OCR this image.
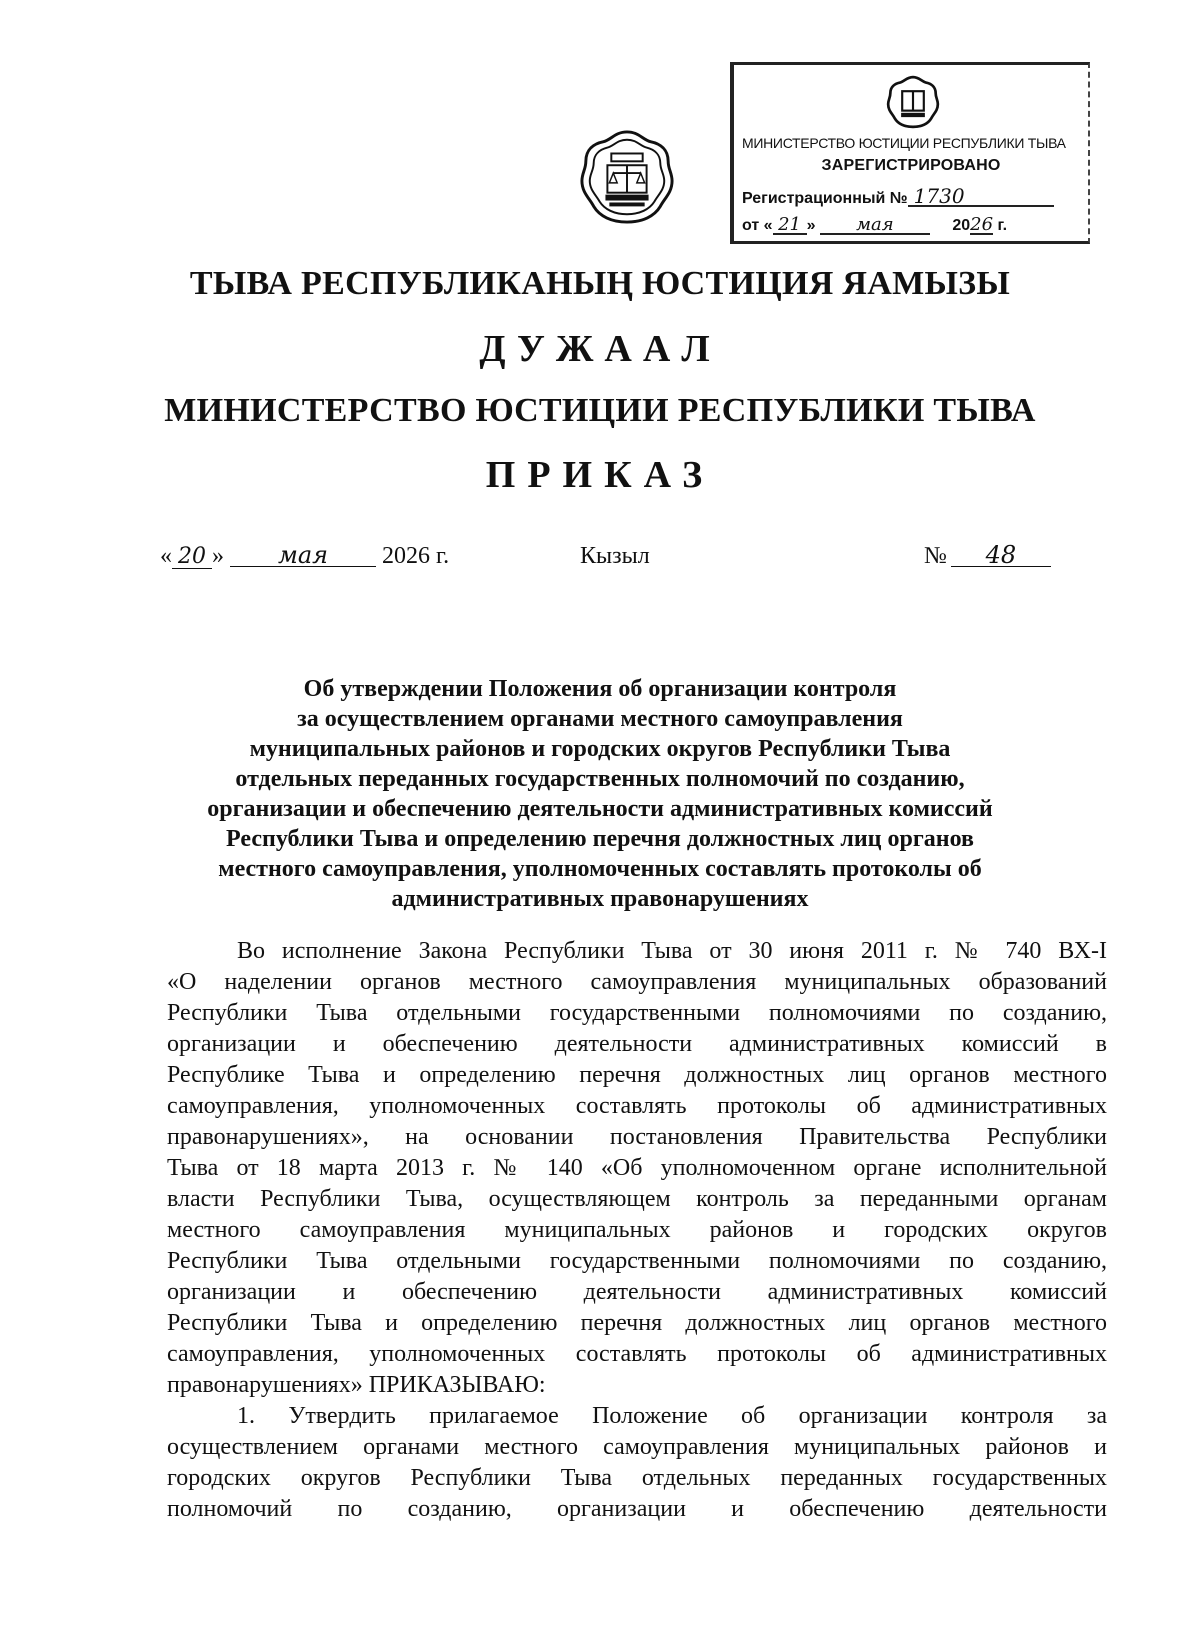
МИНИСТЕРСТВО ЮСТИЦИИ РЕСПУБЛИКИ ТЫВА
ЗАРЕГИСТРИРОВАНО
Регистрационный № 1730
от « 21 » мая	2026 г.
ТЫВА РЕСПУБЛИКАНЫҢ ЮСТИЦИЯ ЯАМЫЗЫ
ДУЖААЛ
МИНИСТЕРСТВО ЮСТИЦИИ РЕСПУБЛИКИ ТЫВА
ПРИКАЗ
« 20 » мая 2026 г.	Кызыл	№ 48
Об утверждении Положения об организации контроля
за осуществлением органами местного самоуправления
муниципальных районов и городских округов Республики Тыва
отдельных переданных государственных полномочий по созданию,
организации и обеспечению деятельности административных комиссий
Республики Тыва и определению перечня должностных лиц органов
местного самоуправления, уполномоченных составлять протоколы об
административных правонарушениях
Во исполнение Закона Республики Тыва от 30 июня 2011 г. № 740 ВХ-I
«О наделении органов местного самоуправления муниципальных образований
Республики Тыва отдельными государственными полномочиями по созданию,
организации и обеспечению деятельности административных комиссий в
Республике Тыва и определению перечня должностных лиц органов местного
самоуправления, уполномоченных составлять протоколы об административных
правонарушениях», на основании постановления Правительства Республики
Тыва от 18 марта 2013 г. № 140 «Об уполномоченном органе исполнительной
власти Республики Тыва, осуществляющем контроль за переданными органам
местного самоуправления муниципальных районов и городских округов
Республики Тыва отдельными государственными полномочиями по созданию,
организации и обеспечению деятельности административных комиссий
Республики Тыва и определению перечня должностных лиц органов местного
самоуправления, уполномоченных составлять протоколы об административных
правонарушениях» ПРИКАЗЫВАЮ:
1. Утвердить прилагаемое Положение об организации контроля за
осуществлением органами местного самоуправления муниципальных районов и
городских округов Республики Тыва отдельных переданных государственных
полномочий по созданию, организации и обеспечению деятельности
